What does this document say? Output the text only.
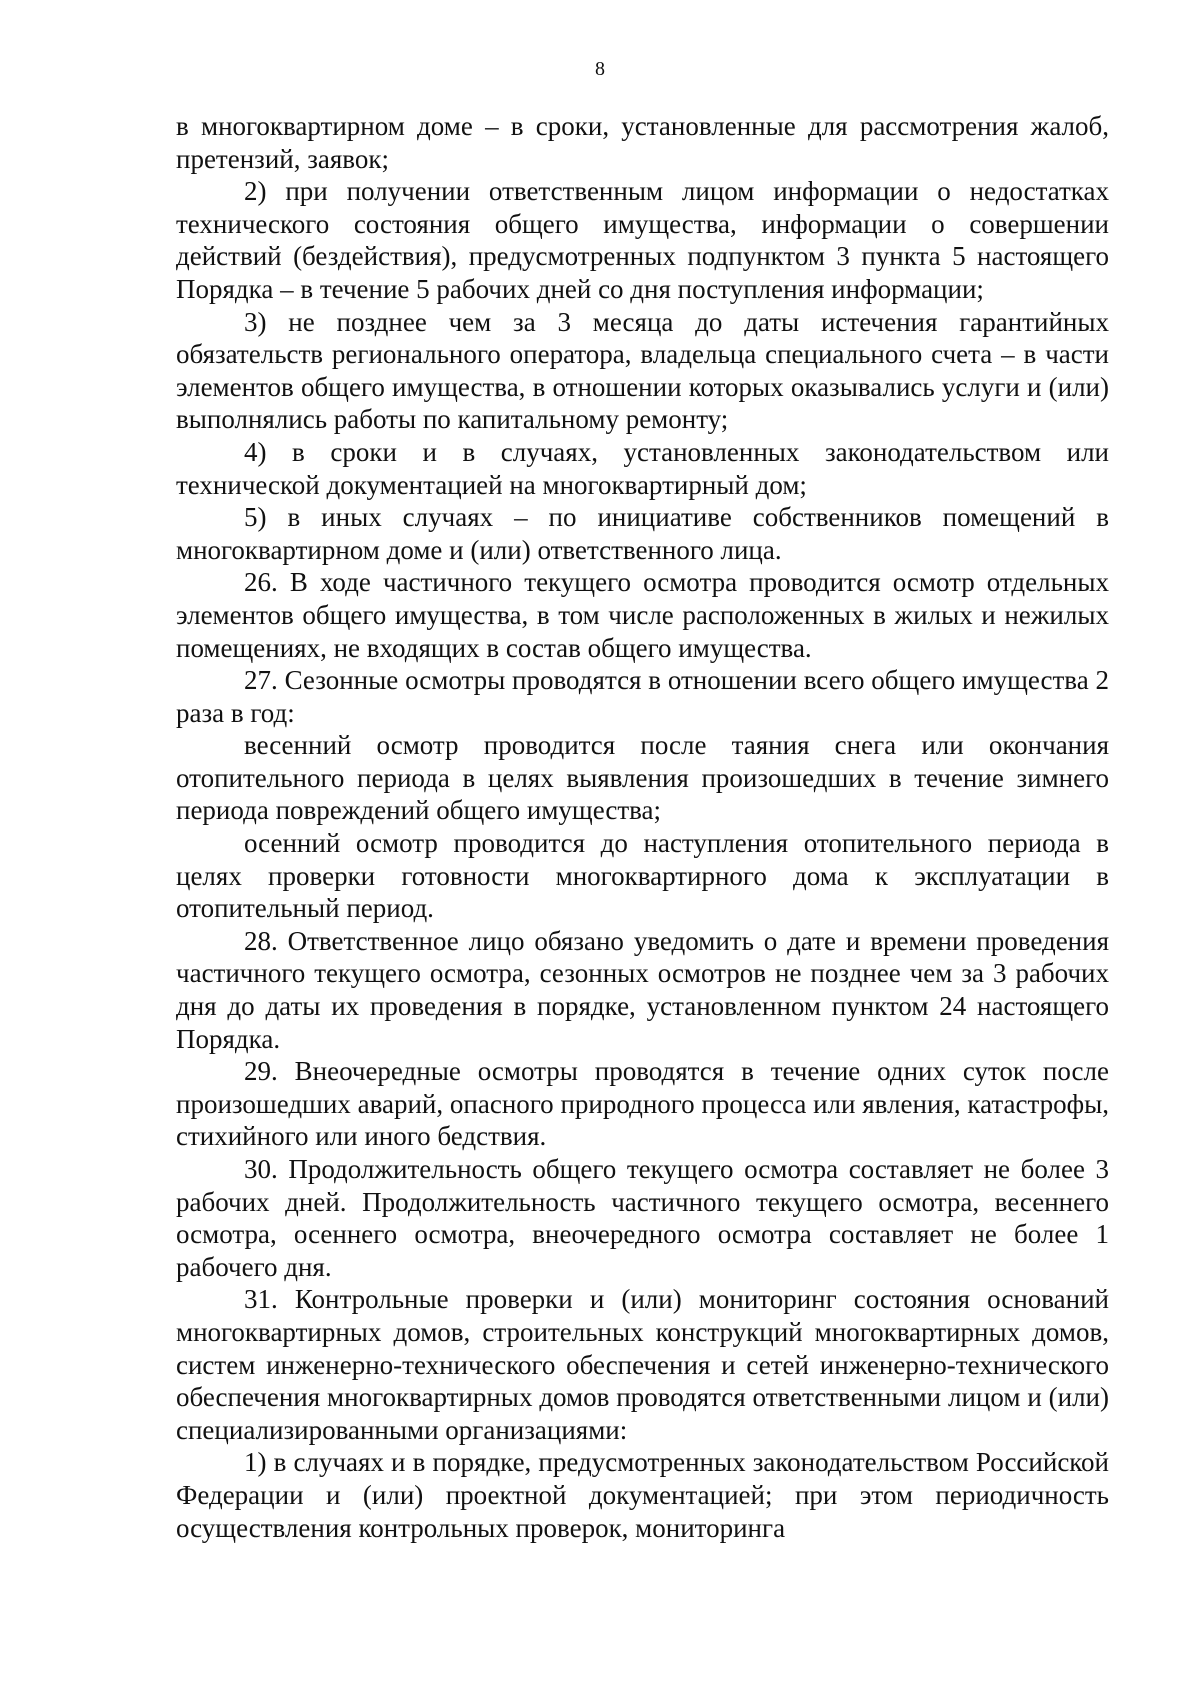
8

в многоквартирном доме – в сроки, установленные для рассмотрения жалоб, претензий, заявок;

2) при получении ответственным лицом информации о недостатках технического состояния общего имущества, информации о совершении действий (бездействия), предусмотренных подпунктом 3 пункта 5 настоящего Порядка – в течение 5 рабочих дней со дня поступления информации;

3) не позднее чем за 3 месяца до даты истечения гарантийных обязательств регионального оператора, владельца специального счета – в части элементов общего имущества, в отношении которых оказывались услуги и (или) выполнялись работы по капитальному ремонту;

4) в сроки и в случаях, установленных законодательством или технической документацией на многоквартирный дом;

5) в иных случаях – по инициативе собственников помещений в многоквартирном доме и (или) ответственного лица.

26. В ходе частичного текущего осмотра проводится осмотр отдельных элементов общего имущества, в том числе расположенных в жилых и нежилых помещениях, не входящих в состав общего имущества.

27. Сезонные осмотры проводятся в отношении всего общего имущества 2 раза в год:

весенний осмотр проводится после таяния снега или окончания отопительного периода в целях выявления произошедших в течение зимнего периода повреждений общего имущества;

осенний осмотр проводится до наступления отопительного периода в целях проверки готовности многоквартирного дома к эксплуатации в отопительный период.

28. Ответственное лицо обязано уведомить о дате и времени проведения частичного текущего осмотра, сезонных осмотров не позднее чем за 3 рабочих дня до даты их проведения в порядке, установленном пунктом 24 настоящего Порядка.

29. Внеочередные осмотры проводятся в течение одних суток после произошедших аварий, опасного природного процесса или явления, катастрофы, стихийного или иного бедствия.

30. Продолжительность общего текущего осмотра составляет не более 3 рабочих дней. Продолжительность частичного текущего осмотра, весеннего осмотра, осеннего осмотра, внеочередного осмотра составляет не более 1 рабочего дня.

31. Контрольные проверки и (или) мониторинг состояния оснований многоквартирных домов, строительных конструкций многоквартирных домов, систем инженерно-технического обеспечения и сетей инженерно-технического обеспечения многоквартирных домов проводятся ответственными лицом и (или) специализированными организациями:

1) в случаях и в порядке, предусмотренных законодательством Российской Федерации и (или) проектной документацией; при этом периодичность осуществления контрольных проверок, мониторинга
